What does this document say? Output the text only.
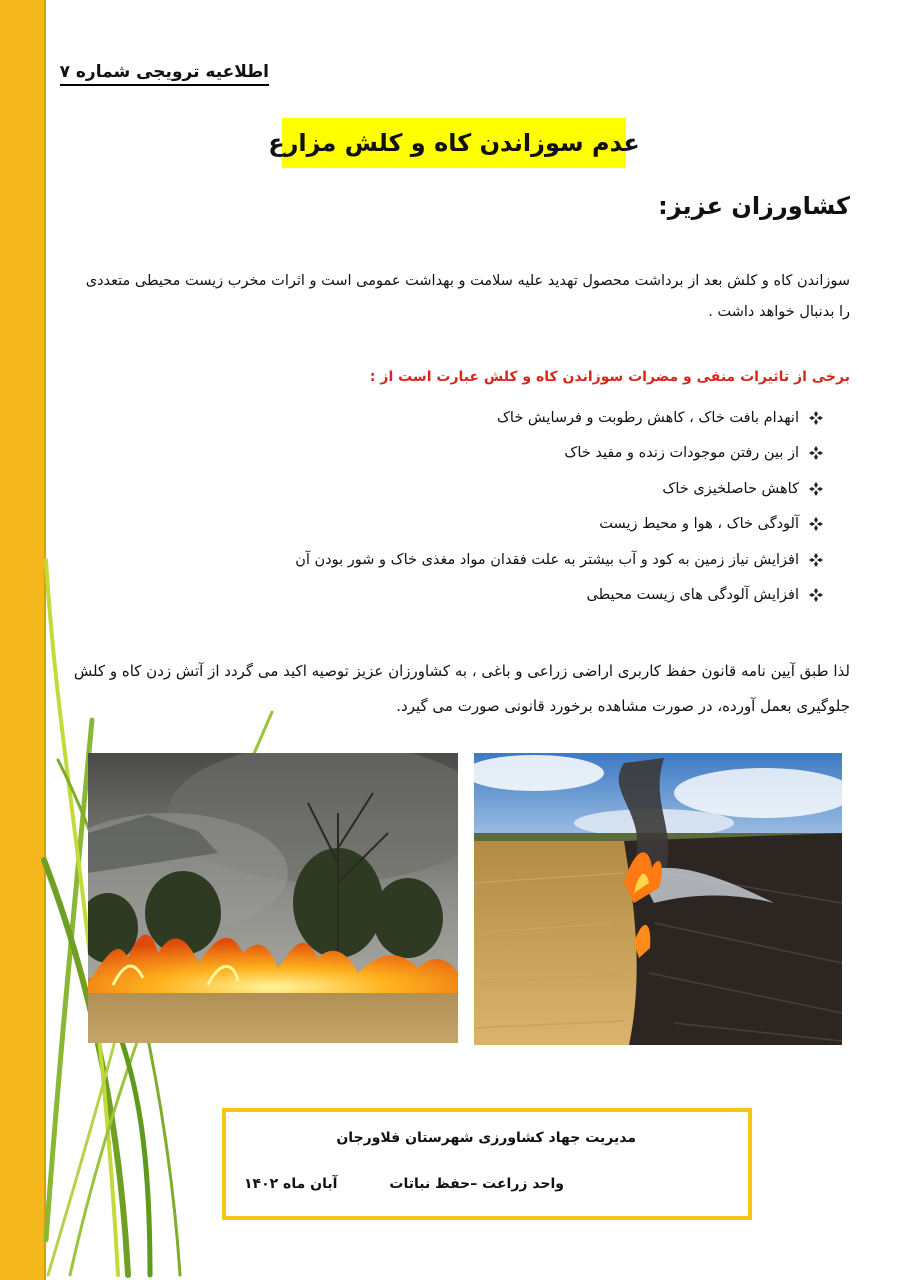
اطلاعیه ترویجی شماره ۷
عدم سوزاندن کاه و کلش مزارع
کشاورزان عزیز:
سوزاندن کاه و کلش بعد از برداشت محصول تهدید علیه سلامت و بهداشت عمومی است و اثرات مخرب زیست محیطی متعددی را بدنبال خواهد داشت .
برخی از تاثیرات منفی و مضرات سوزاندن کاه و کلش عبارت است از :
انهدام بافت خاک ، کاهش رطوبت و فرسایش خاک
از بین رفتن موجودات زنده و مفید خاک
کاهش حاصلخیزی خاک
آلودگی خاک ، هوا و محیط زیست
افزایش نیاز زمین به کود و آب بیشتر به علت فقدان مواد مغذی خاک و شور بودن آن
افزایش آلودگی های زیست محیطی
لذا طبق آیین نامه قانون حفظ کاربری اراضی زراعی و باغی ، به کشاورزان عزیز توصیه اکید می گردد از آتش زدن کاه و کلش جلوگیری بعمل آورده، در صورت مشاهده برخورد قانونی صورت می گیرد.
مدیریت جهاد کشاورزی شهرستان فلاورجان
واحد زراعت –حفظ نباتات
آبان ماه ۱۴۰۲
